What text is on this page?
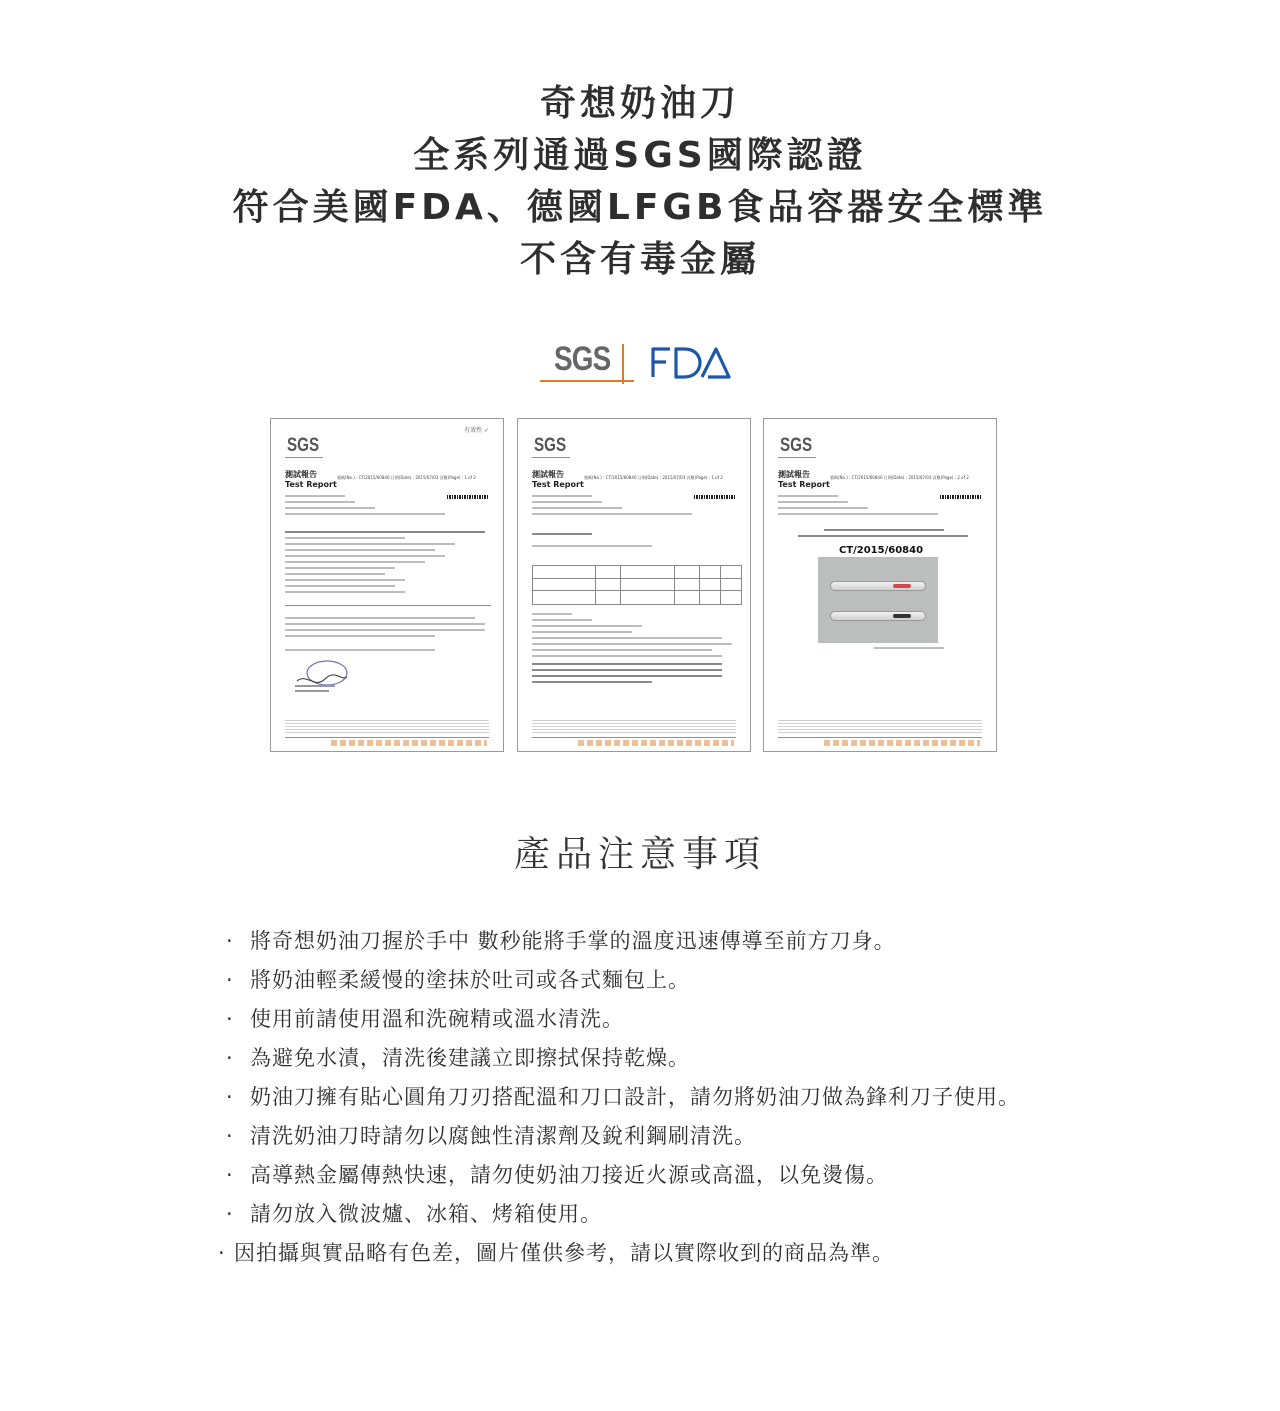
奇想奶油刀
全系列通過SGS國際認證
符合美國FDA、德國LFGB食品容器安全標準
不含有毒金屬
SGS
有效性 ✓
SGS
測試報告
Test Report
號碼(No.) : CT/2015/60840 日期(Date) : 2015/07/03 頁數(Page) : 1 of 2
SGS
測試報告
Test Report
號碼(No.) : CT/2015/60840 日期(Date) : 2015/07/03 頁數(Page) : 1 of 2
SGS
測試報告
Test Report
號碼(No.) : CT/2015/60840 日期(Date) : 2015/07/03 頁數(Page) : 2 of 2
CT/2015/60840
產品注意事項
· 將奇想奶油刀握於手中 數秒能將手掌的溫度迅速傳導至前方刀身。
· 將奶油輕柔緩慢的塗抹於吐司或各式麵包上。
· 使用前請使用溫和洗碗精或溫水清洗。
· 為避免水漬，清洗後建議立即擦拭保持乾燥。
· 奶油刀擁有貼心圓角刀刃搭配溫和刀口設計，請勿將奶油刀做為鋒利刀子使用。
· 清洗奶油刀時請勿以腐蝕性清潔劑及銳利鋼刷清洗。
· 高導熱金屬傳熱快速，請勿使奶油刀接近火源或高溫，以免燙傷。
· 請勿放入微波爐、冰箱、烤箱使用。
· 因拍攝與實品略有色差，圖片僅供參考，請以實際收到的商品為準。
